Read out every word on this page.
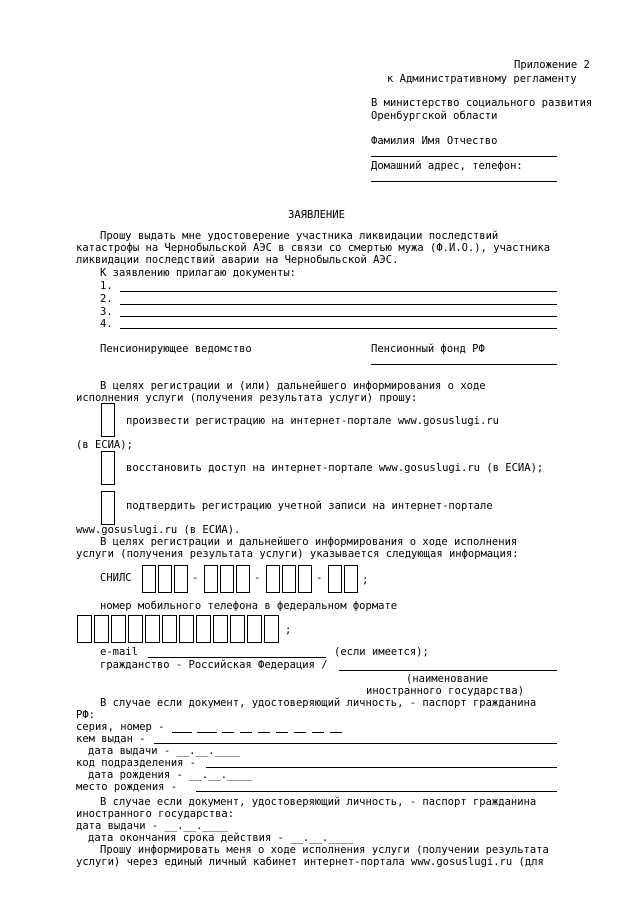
Приложение 2
к Административному регламенту
В министерство социального развития
Оренбургской области
Фамилия Имя Отчество
Домашний адрес, телефон:
ЗАЯВЛЕНИЕ
Прошу выдать мне удостоверение участника ликвидации последствий
катастрофы на Чернобыльской АЭС в связи со смертью мужа (Ф.И.О.), участника
ликвидации последствий аварии на Чернобыльской АЭС.
К заявлению прилагаю документы:
1.
2.
3.
4.
Пенсионирующее ведомство	Пенсионный фонд РФ
В целях регистрации и (или) дальнейшего информирования о ходе
исполнения услуги (получения результата услуги) прошу:
произвести регистрацию на интернет-портале www.gosuslugi.ru
(в ЕСИА);
восстановить доступ на интернет-портале www.gosuslugi.ru (в ЕСИА);
подтвердить регистрацию учетной записи на интернет-портале
www.gosuslugi.ru (в ЕСИА).
В целях регистрации и дальнейшего информирования о ходе исполнения
услуги (получения результата услуги) указывается следующая информация:
СНИЛС	-	-	-	;
номер мобильного телефона в федеральном формате
;
e-mail	(если имеется);
гражданство - Российская Федерация /
(наименование
иностранного государства)
В случае если документ, удостоверяющий личность, - паспорт гражданина
РФ:
серия, номер -
кем выдан -
дата выдачи - __.__.____
код подразделения -
дата рождения - __.__.____
место рождения -
В случае если документ, удостоверяющий личность, - паспорт гражданина
иностранного государства:
дата выдачи - __.__.____
дата окончания срока действия - __.__.____
Прошу информировать меня о ходе исполнения услуги (получении результата
услуги) через единый личный кабинет интернет-портала www.gosuslugi.ru (для
